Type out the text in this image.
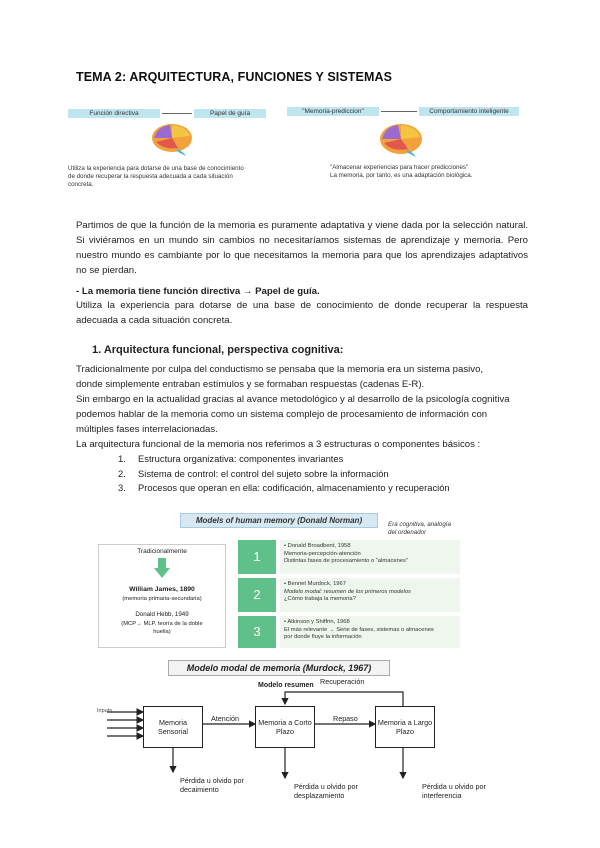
TEMA 2: ARQUITECTURA, FUNCIONES Y SISTEMAS
Función directiva	Papel de guía
Utiliza la experiencia para dotarse de una base de conocimiento
de donde recuperar la respuesta adecuada a cada situación
concreta.
"Memoria-prediccion"	Comportamiento inteligente
"Almacenar experiencias para hacer predicciones"
La memoria, por tanto, es una adaptación biológica.
Partimos de que la función de la memoria es puramente adaptativa y viene dada por la selección natural. Si viviéramos en un mundo sin cambios no necesitaríamos sistemas de aprendizaje y memoria. Pero nuestro mundo es cambiante por lo que necesitamos la memoria para que los aprendizajes adaptativos no se pierdan.
- La memoria tiene función directiva → Papel de guía.
Utiliza la experiencia para dotarse de una base de conocimiento de donde recuperar la respuesta adecuada a cada situación concreta.
1. Arquitectura funcional, perspectiva cognitiva:
Tradicionalmente por culpa del conductismo se pensaba que la memoria era un sistema pasivo,
donde simplemente entraban estímulos y se formaban respuestas (cadenas E-R).
Sin embargo en la actualidad gracias al avance metodológico y al desarrollo de la psicología cognitiva
podemos hablar de la memoria como un sistema complejo de procesamiento de información con
múltiples fases interrelacionadas.
La arquitectura funcional de la memoria nos referimos a 3 estructuras o componentes básicos :
1. Estructura organizativa: componentes invariantes
2. Sistema de control: el control del sujeto sobre la información
3. Procesos que operan en ella: codificación, almacenamiento y recuperación
Models of human memory (Donald Norman)	Era cognitiva, analogía
del ordenador
Tradicionalmente
William James, 1890
(memoria primaria-secundaria)
Donald Hebb, 1949
(MCP→ MLP, teoría de la doble
huella)
1
• Donald Broadbent, 1958
Memoria-percepción-atención
Distintas fases de procesamiento o "almacenes"
2
• Bennet Murdock, 1967
Modelo modal: resumen de los primeros modelos
¿Cómo trabaja la memoria?
3
• Atkinson y Shiffrin, 1968
El más relevante → Serie de fases, sistemas o almacenes
por donde fluye la información
Modelo modal de memoria (Murdock, 1967)
Modelo resumen
Inputs
Memoria Sensorial
Memoria a Corto Plazo
Memoria a Largo Plazo
Atención	Repaso
Recuperación
Pérdida u olvido por decaimiento	Pérdida u olvido por desplazamiento
Pérdida u olvido por interferencia
